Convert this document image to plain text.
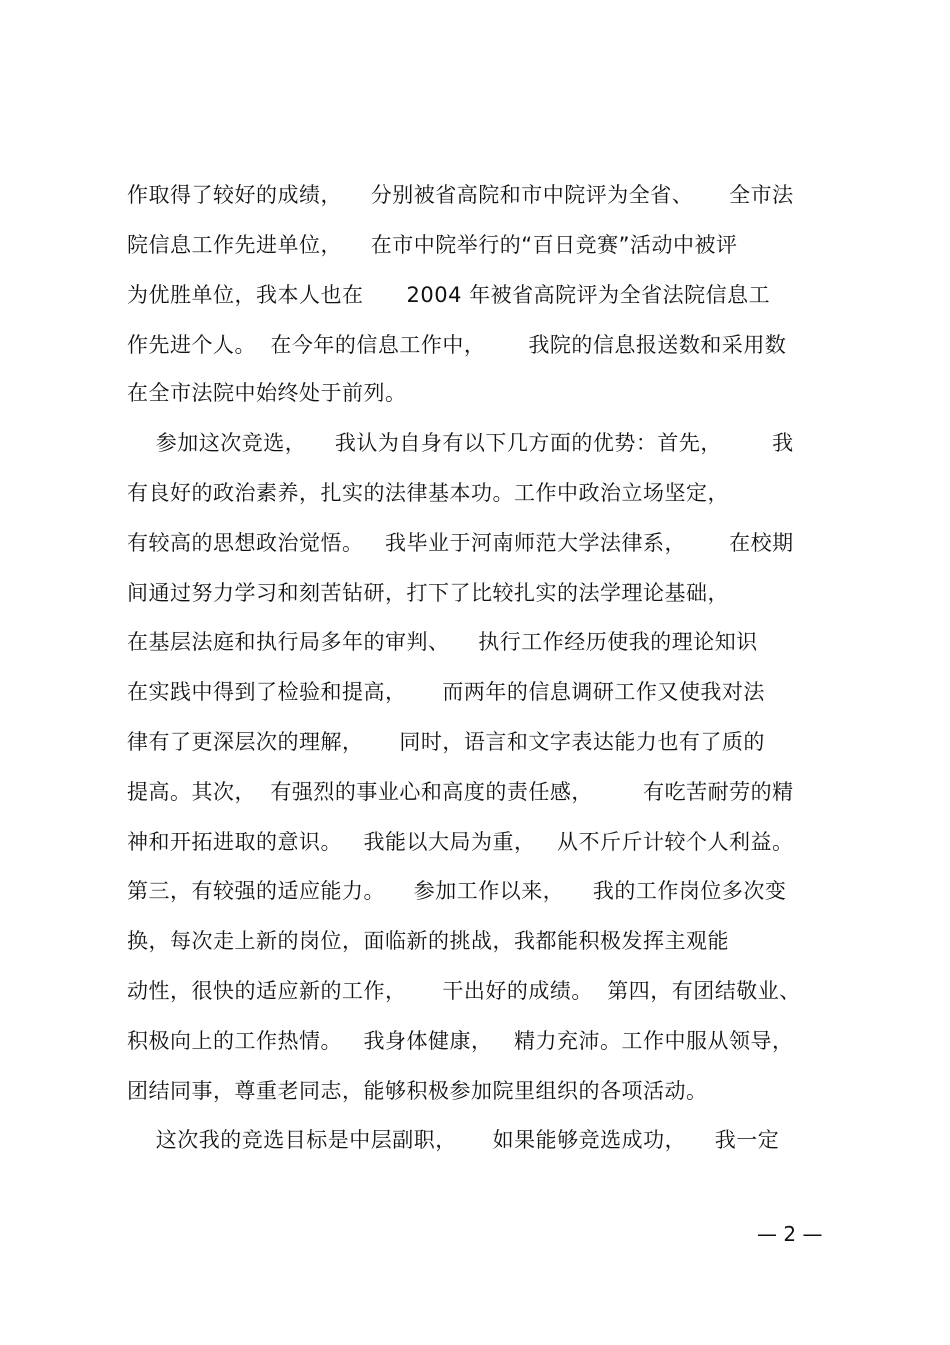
作取得了较好的成绩，    分别被省高院和市中院评为全省、     全市法

院信息工作先进单位，    在市中院举行的“百日竞赛”活动中被评

为优胜单位，我本人也在      2004 年被省高院评为全省法院信息工

作先进个人。  在今年的信息工作中，      我院的信息报送数和采用数

在全市法院中始终处于前列。

参加这次竞选，    我认为自身有以下几方面的优势：首先，       我

有良好的政治素养，扎实的法律基本功。工作中政治立场坚定，

有较高的思想政治觉悟。   我毕业于河南师范大学法律系，      在校期

间通过努力学习和刻苦钻研，打下了比较扎实的法学理论基础，

在基层法庭和执行局多年的审判、    执行工作经历使我的理论知识

在实践中得到了检验和提高，     而两年的信息调研工作又使我对法

律有了更深层次的理解，     同时，语言和文字表达能力也有了质的

提高。其次，  有强烈的事业心和高度的责任感，       有吃苦耐劳的精

神和开拓进取的意识。   我能以大局为重，   从不斤斤计较个人利益。

第三，有较强的适应能力。    参加工作以来，    我的工作岗位多次变

换，每次走上新的岗位，面临新的挑战，我都能积极发挥主观能

动性，很快的适应新的工作，     干出好的成绩。  第四，有团结敬业、

积极向上的工作热情。   我身体健康，   精力充沛。工作中服从领导，

团结同事，尊重老同志，能够积极参加院里组织的各项活动。

这次我的竞选目标是中层副职，     如果能够竞选成功，    我一定

— 2 —
